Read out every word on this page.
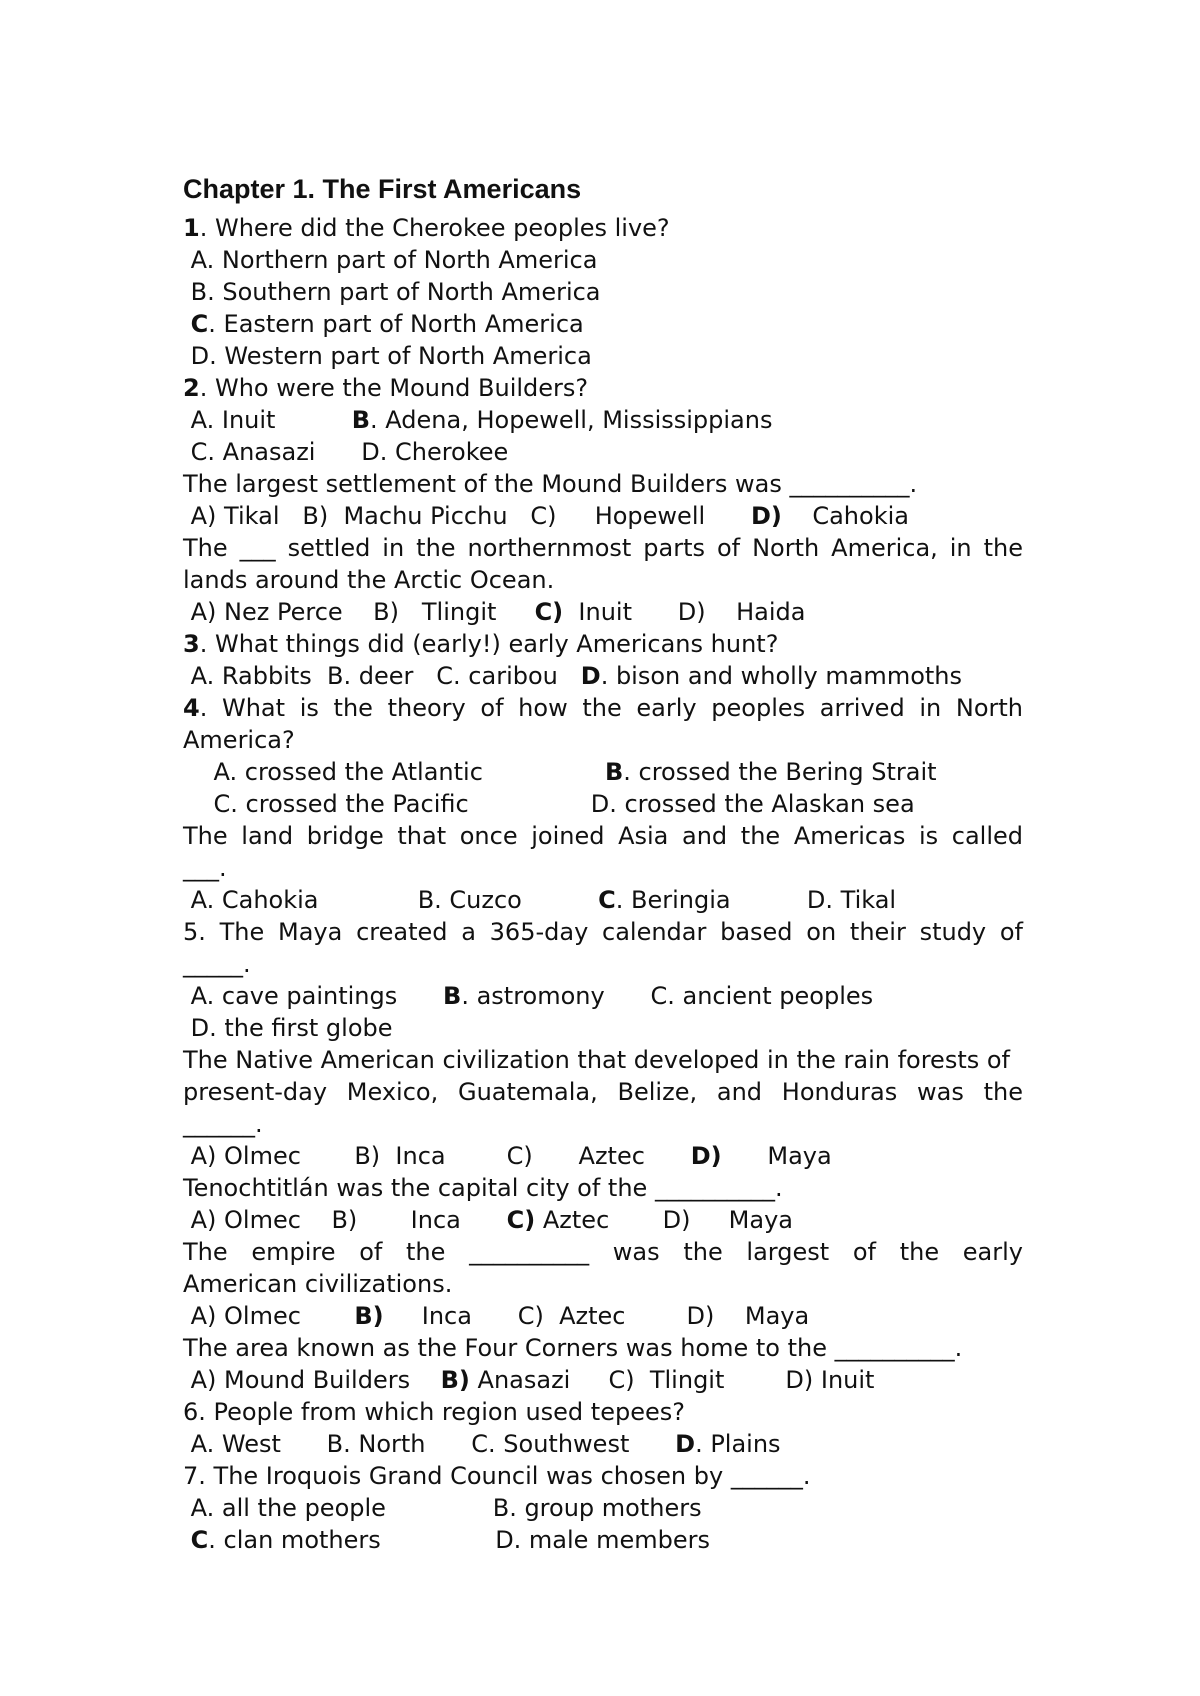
Chapter 1. The First Americans
1. Where did the Cherokee peoples live?
A. Northern part of North America
B. Southern part of North America
C. Eastern part of North America
D. Western part of North America
2. Who were the Mound Builders?
A. Inuit          B. Adena, Hopewell, Mississippians
C. Anasazi      D. Cherokee
The largest settlement of the Mound Builders was __________.
A) Tikal   B)  Machu Picchu   C)     Hopewell      D)    Cahokia
The ___ settled in the northernmost parts of North America, in the
lands around the Arctic Ocean.
A) Nez Perce    B)   Tlingit     C)  Inuit      D)    Haida
3. What things did (early!) early Americans hunt?
A. Rabbits  B. deer   C. caribou   D. bison and wholly mammoths
4. What is the theory of how the early peoples arrived in North
America?
A. crossed the Atlantic                B. crossed the Bering Strait
C. crossed the Pacific                D. crossed the Alaskan sea
The land bridge that once joined Asia and the Americas is called
___.
A. Cahokia             B. Cuzco          C. Beringia          D. Tikal
5. The Maya created a 365-day calendar based on their study of
_____.
A. cave paintings      B. astromony      C. ancient peoples
D. the first globe
The Native American civilization that developed in the rain forests of
present-day Mexico, Guatemala, Belize, and Honduras was the
______.
A) Olmec       B)  Inca        C)      Aztec      D)      Maya
Tenochtitlán was the capital city of the __________.
A) Olmec    B)       Inca      C) Aztec       D)     Maya
The empire of the __________ was the largest of the early
American civilizations.
A) Olmec       B)     Inca      C)  Aztec        D)    Maya
The area known as the Four Corners was home to the __________.
A) Mound Builders    B) Anasazi     C)  Tlingit        D) Inuit
6. People from which region used tepees?
A. West      B. North      C. Southwest      D. Plains
7. The Iroquois Grand Council was chosen by ______.
A. all the people              B. group mothers
C. clan mothers               D. male members
